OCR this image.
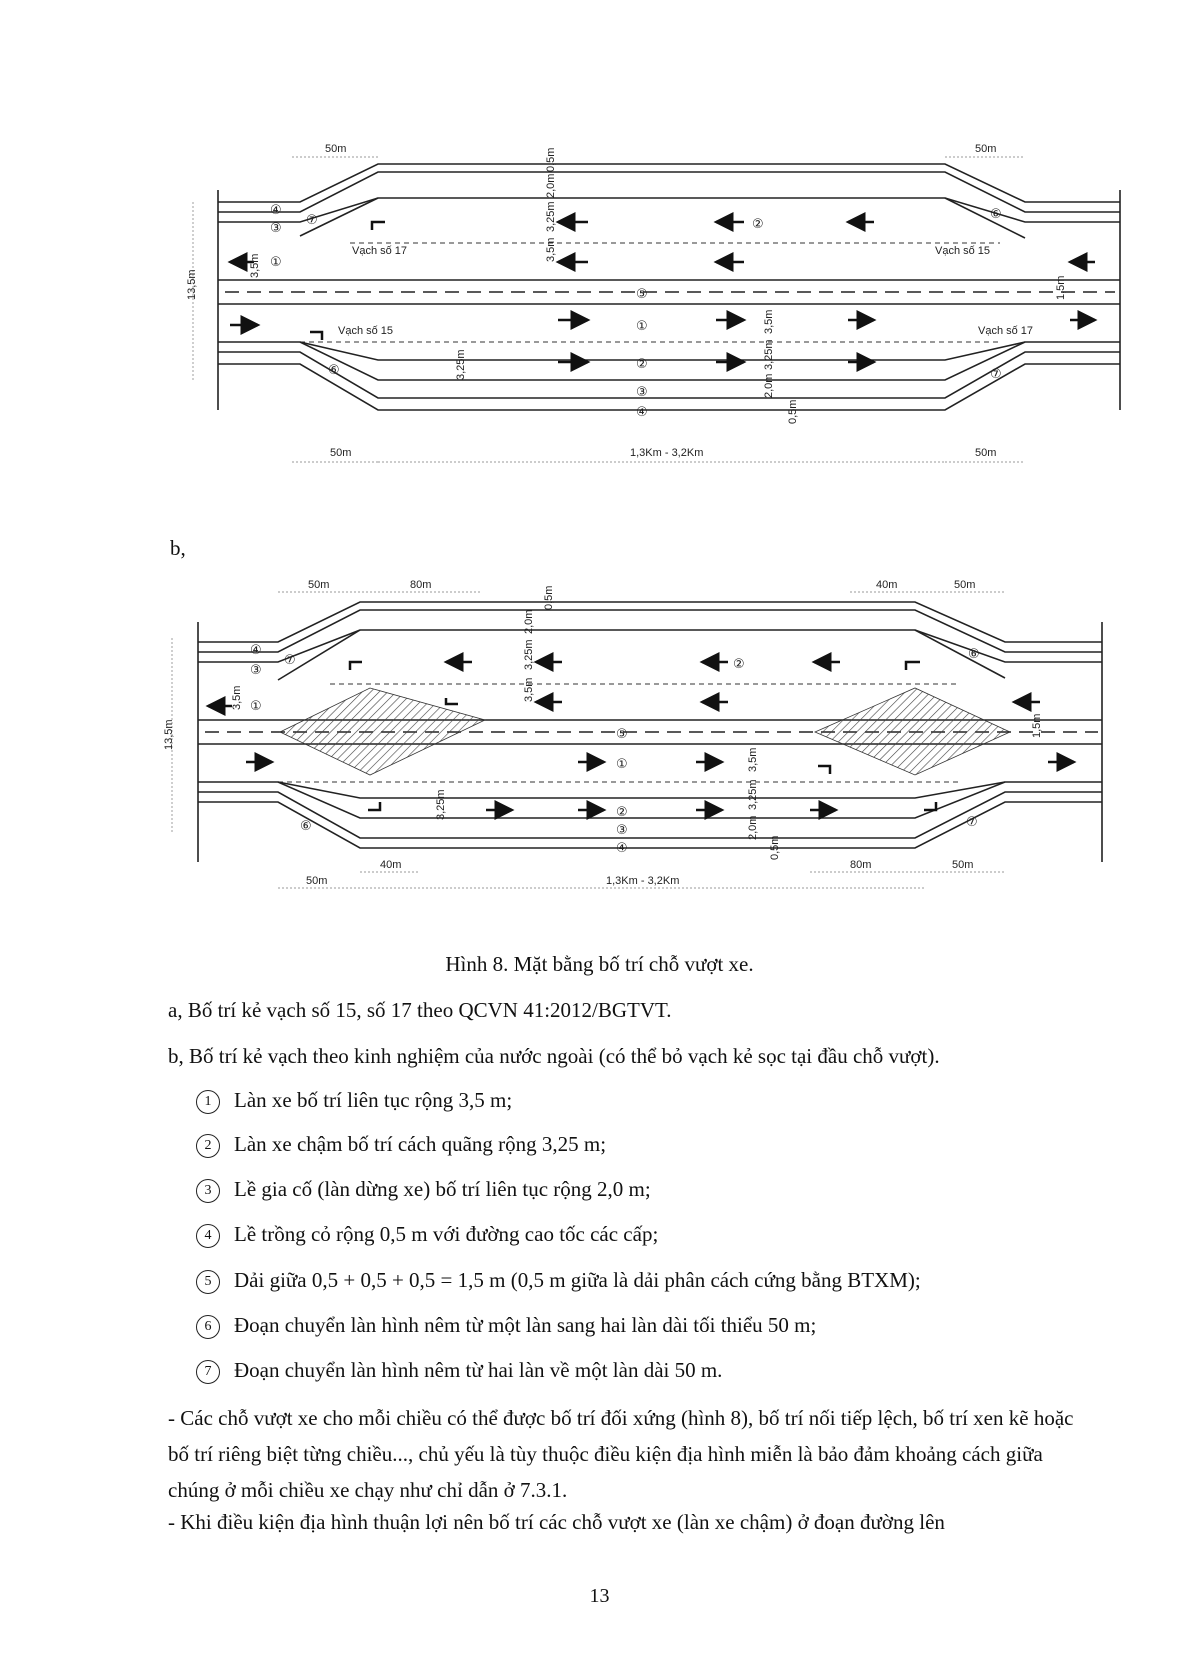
50m	50m
13,5m
④
③
⑦
①
②
⑥
⑤
①
⑥	②
③
④
⑦
Vạch số 17	Vạch số 15
Vạch số 15	Vạch số 17
3,5m
3,25m
2,0m
0,5m
3,5m
1,5m
3,25m
3,5m
3,25m
2,0m
0,5m
50m	1,3Km - 3,2Km	50m
b,
50m	80m	40m	50m
13,5m
④
③
⑦
①
②
⑥
⑤
①
⑥
②
③
④
⑦
3,5m
3,25m
2,0m
0,5m
3,5m
1,5m
3,25m
3,5m
3,25m
2,0m
0,5m
40m
50m	1,3Km - 3,2Km
80m	50m
Hình 8. Mặt bằng bố trí chỗ vượt xe.
a, Bố trí kẻ vạch số 15, số 17 theo QCVN 41:2012/BGTVT.
b, Bố trí kẻ vạch theo kinh nghiệm của nước ngoài (có thể bỏ vạch kẻ sọc tại đầu chỗ vượt).
1 Làn xe bố trí liên tục rộng 3,5 m;
2 Làn xe chậm bố trí cách quãng rộng 3,25 m;
3 Lề gia cố (làn dừng xe) bố trí liên tục rộng 2,0 m;
4 Lề trồng cỏ rộng 0,5 m với đường cao tốc các cấp;
5 Dải giữa 0,5 + 0,5 + 0,5 = 1,5 m (0,5 m giữa là dải phân cách cứng bằng BTXM);
6 Đoạn chuyển làn hình nêm từ một làn sang hai làn dài tối thiểu 50 m;
7 Đoạn chuyển làn hình nêm từ hai làn về một làn dài 50 m.
- Các chỗ vượt xe cho mỗi chiều có thể được bố trí đối xứng (hình 8), bố trí nối tiếp lệch, bố trí xen kẽ hoặc bố trí riêng biệt từng chiều..., chủ yếu là tùy thuộc điều kiện địa hình miễn là bảo đảm khoảng cách giữa chúng ở mỗi chiều xe chạy như chỉ dẫn ở 7.3.1.
- Khi điều kiện địa hình thuận lợi nên bố trí các chỗ vượt xe (làn xe chậm) ở đoạn đường lên
13
